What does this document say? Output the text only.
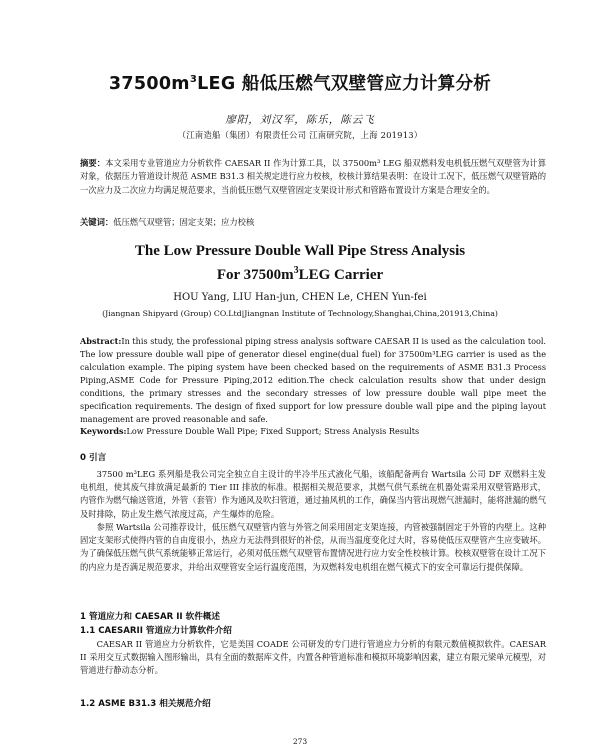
$37500m^3LEG$ 船低压燃气双壁管应力计算分析
廖阳，刘汉军，陈乐，陈云飞
（江南造船（集团）有限责任公司 江南研究院，上海 201913）
摘要：本文采用专业管道应力分析软件 CAESAR II 作为计算工具，以 37500m³ LEG 船双燃料发电机低压燃气双壁管为计算对象，依据压力管道设计规范 ASME B31.3 相关规定进行应力校核，校核计算结果表明：在设计工况下，低压燃气双壁管路的一次应力及二次应力均满足规范要求，当前低压燃气双壁管固定支架设计形式和管路布置设计方案是合理安全的。
关键词：低压燃气双壁管；固定支架；应力校核
The Low Pressure Double Wall Pipe Stress Analysis
For $37500m^3LEG$ Carrier
HOU Yang, LIU Han-jun, CHEN Le, CHEN Yun-fei
(Jiangnan Shipyard (Group) CO.Ltd|Jiangnan Institute of Technology,Shanghai,China,201913,China)
Abstract:In this study, the professional piping stress analysis software CAESAR II is used as the calculation tool. The low pressure double wall pipe of generator diesel engine(dual fuel) for 37500m³LEG carrier is used as the calculation example. The piping system have been checked based on the requirements of ASME B31.3 Process Piping,ASME Code for Pressure Piping,2012 edition.The check calculation results show that under design conditions, the primary stresses and the secondary stresses of low pressure double wall pipe meet the specification requirements. The design of fixed support for low pressure double wall pipe and the piping layout management are proved reasonable and safe.
Keywords:Low Pressure Double Wall Pipe; Fixed Support; Stress Analysis Results
0 引言
37500 m³LEG 系列船是我公司完全独立自主设计的半冷半压式液化气船，该船配备两台 Wartsila 公司 DF 双燃料主发电机组，使其废气排放满足最新的 Tier III 排放的标准。根据相关规范要求，其燃气供气系统在机器处需采用双壁管路形式，内管作为燃气输送管道，外管（套管）作为通风及吹扫管道，通过抽风机的工作，确保当内管出现燃气泄漏时，能将泄漏的燃气及时排除，防止发生燃气浓度过高，产生爆炸的危险。
参照 Wartsila 公司推荐设计，低压燃气双壁管内管与外管之间采用固定支架连接，内管被强制固定于外管的内壁上。这种固定支架形式使得内管的自由度很小，热应力无法得到很好的补偿，从而当温度变化过大时，容易使低压双壁管产生应变破坏。为了确保低压燃气供气系统能够正常运行，必须对低压燃气双壁管布置情况进行应力安全性校核计算。校核双壁管在设计工况下的内应力是否满足规范要求，并给出双壁管安全运行温度范围，为双燃料发电机组在燃气模式下的安全可靠运行提供保障。
1 管道应力和 CAESAR II 软件概述
1.1 CAESARII 管道应力计算软件介绍
CAESAR II 管道应力分析软件，它是美国 COADE 公司研发的专门进行管道应力分析的有限元数值模拟软件。CAESAR II 采用交互式数据输入图形输出，具有全面的数据库文件，内置各种管道标准和模拟环境影响因素，建立有限元梁单元模型，对管道进行静动态分析。
1.2 ASME B31.3 相关规范介绍
273
